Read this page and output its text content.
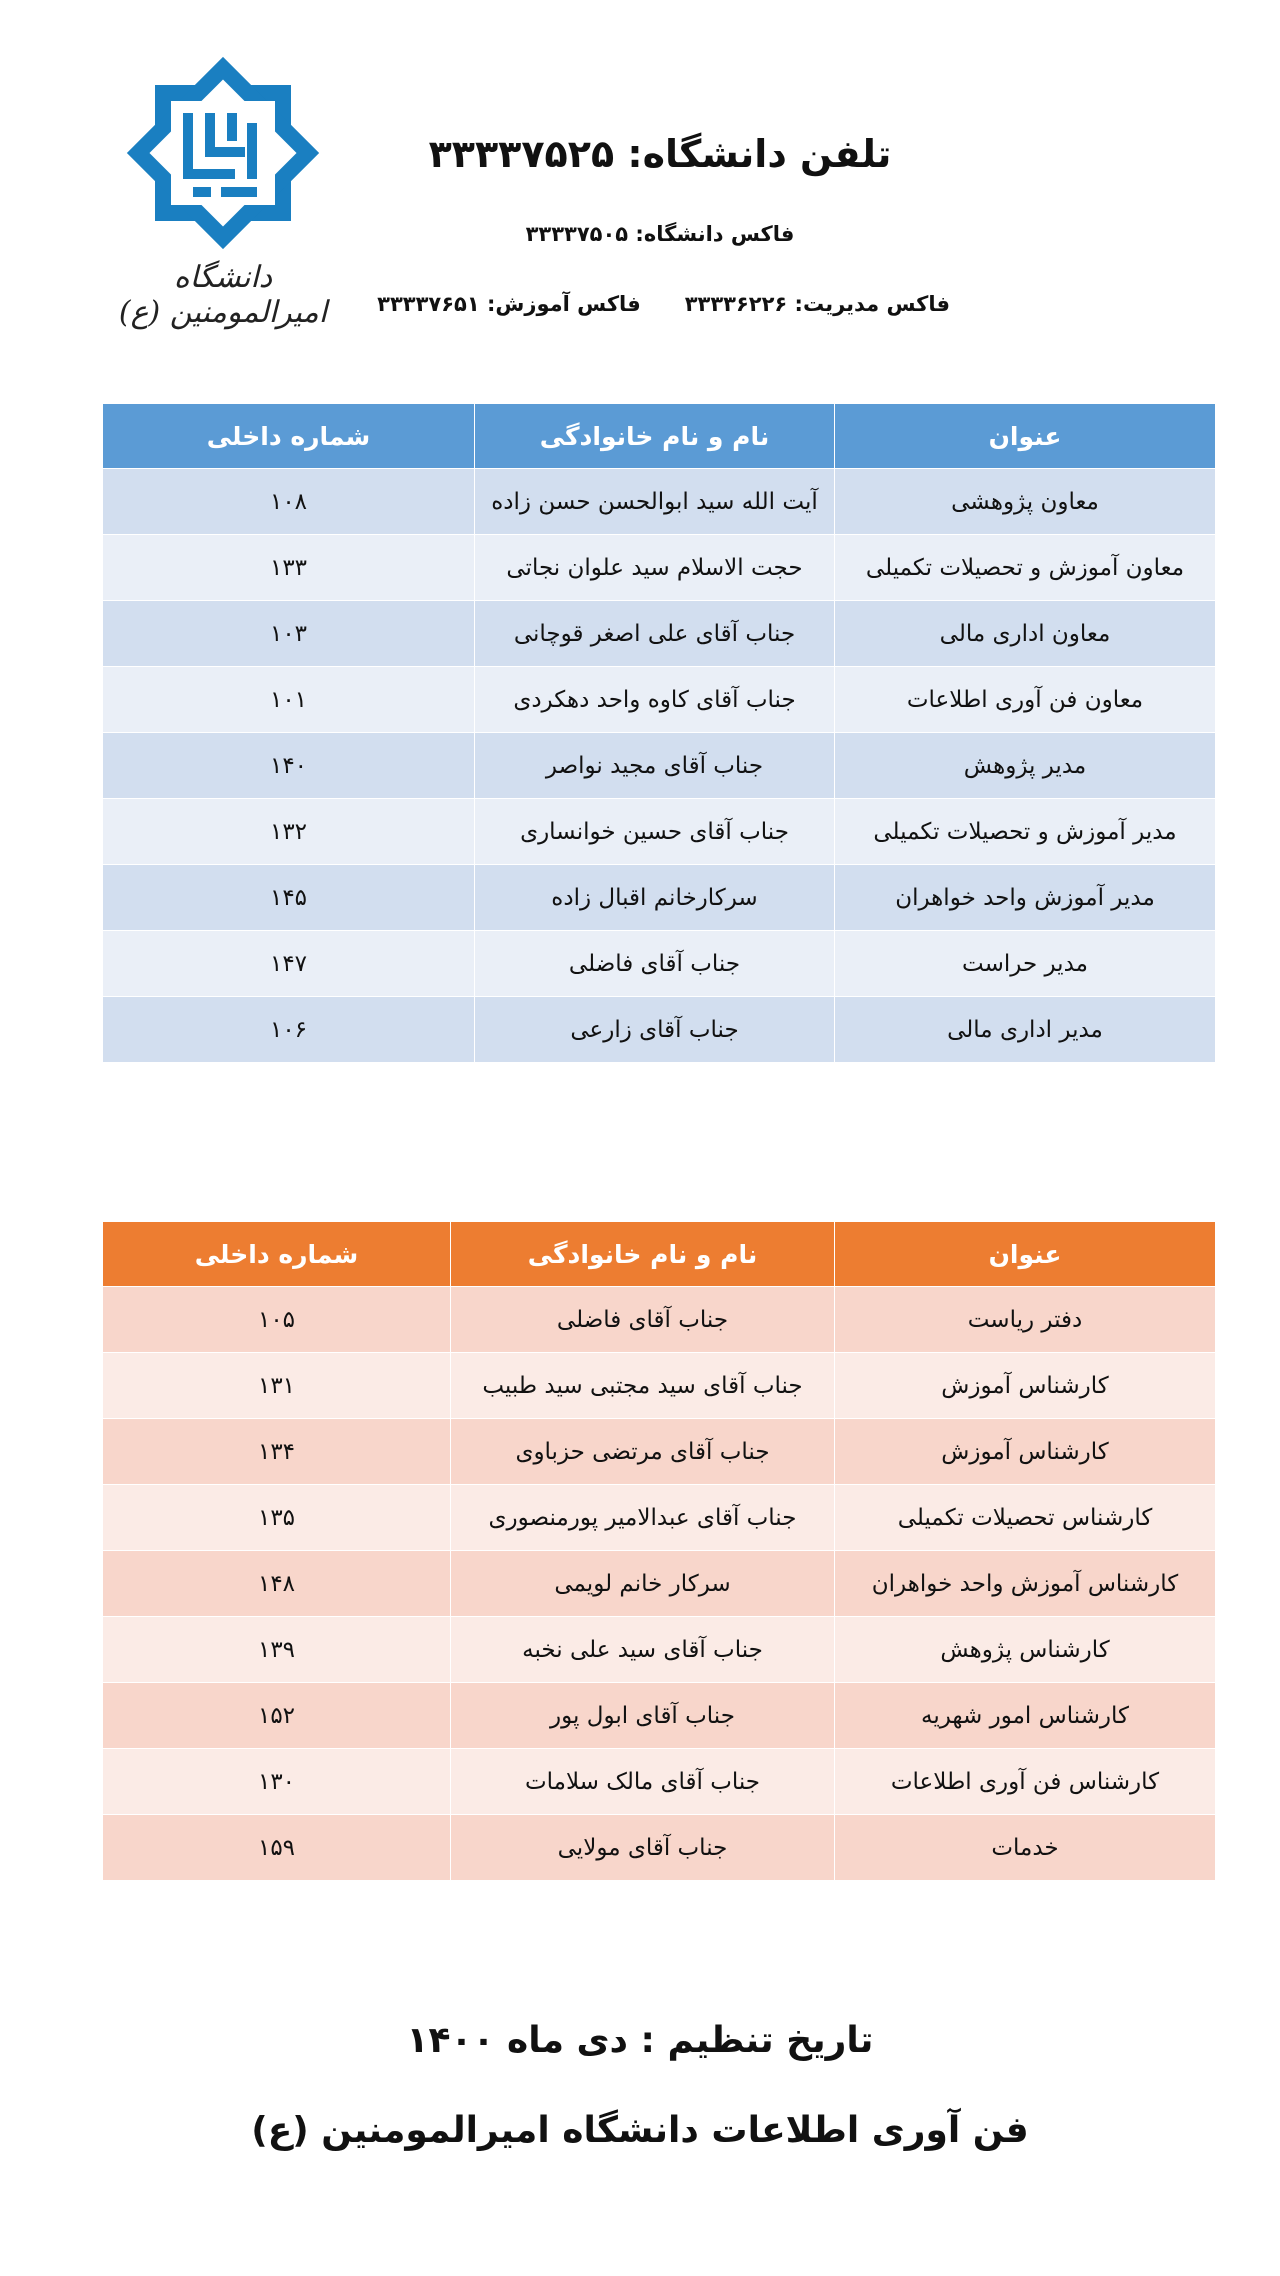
دانشگاه امیرالمومنین (ع)
تلفن دانشگاه: ۳۳۳۳۷۵۲۵
فاکس دانشگاه: ۳۳۳۳۷۵۰۵
فاکس مدیریت: ۳۳۳۳۶۲۲۶فاکس آموزش: ۳۳۳۳۷۶۵۱
عنوان	نام و نام خانوادگی	شماره داخلی
معاون پژوهشی	آیت الله سید ابوالحسن حسن زاده	۱۰۸
معاون آموزش و تحصیلات تکمیلی	حجت الاسلام سید علوان نجاتی	۱۳۳
معاون اداری مالی	جناب آقای علی اصغر قوچانی	۱۰۳
معاون فن آوری اطلاعات	جناب آقای کاوه واحد دهکردی	۱۰۱
مدیر پژوهش	جناب آقای مجید نواصر	۱۴۰
مدیر آموزش و تحصیلات تکمیلی	جناب آقای حسین خوانساری	۱۳۲
مدیر آموزش واحد خواهران	سرکارخانم اقبال زاده	۱۴۵
مدیر حراست	جناب آقای فاضلی	۱۴۷
مدیر اداری مالی	جناب آقای زارعی	۱۰۶
عنوان	نام و نام خانوادگی	شماره داخلی
دفتر ریاست	جناب آقای فاضلی	۱۰۵
کارشناس آموزش	جناب آقای سید مجتبی سید طبیب	۱۳۱
کارشناس آموزش	جناب آقای مرتضی حزباوی	۱۳۴
کارشناس تحصیلات تکمیلی	جناب آقای عبدالامیر پورمنصوری	۱۳۵
کارشناس آموزش واحد خواهران	سرکار خانم لویمی	۱۴۸
کارشناس پژوهش	جناب آقای سید علی نخبه	۱۳۹
کارشناس امور شهریه	جناب آقای ابول پور	۱۵۲
کارشناس فن آوری اطلاعات	جناب آقای مالک سلامات	۱۳۰
خدمات	جناب آقای مولایی	۱۵۹
تاریخ تنظیم : دی ماه ۱۴۰۰
فن آوری اطلاعات دانشگاه امیرالمومنین (ع)
